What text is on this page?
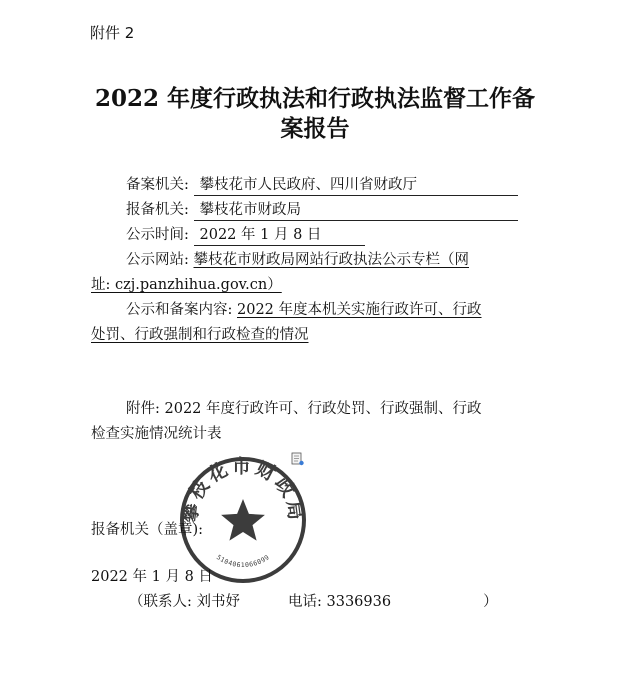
附件 2
2022 年度行政执法和行政执法监督工作备
案报告
备案机关: 攀枝花市人民政府、四川省财政厅
报备机关: 攀枝花市财政局
公示时间: 2022 年 1 月 8 日
公示网站: 攀枝花市财政局网站行政执法公示专栏（网
址: czj.panzhihua.gov.cn）
公示和备案内容: 2022 年度本机关实施行政许可、行政
处罚、行政强制和行政检查的情况
附件: 2022 年度行政许可、行政处罚、行政强制、行政
检查实施情况统计表
攀枝花市财政局
5104061066099
报备机关（盖章):
2022 年 1 月 8 日
（联系人: 刘书妤	电话: 3336936	）
